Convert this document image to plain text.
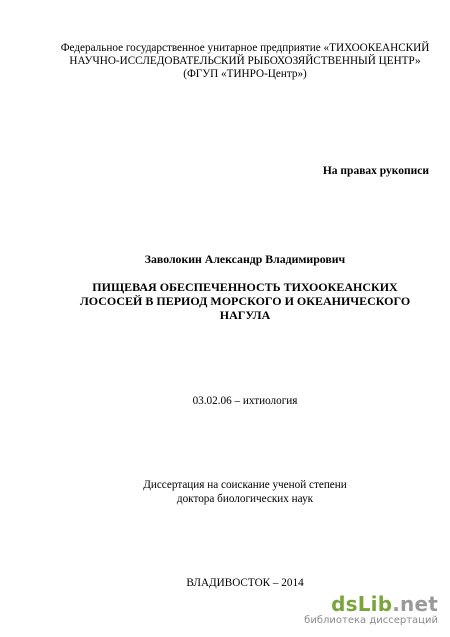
Федеральное государственное унитарное предприятие «ТИХООКЕАНСКИЙ
НАУЧНО-ИССЛЕДОВАТЕЛЬСКИЙ РЫБОХОЗЯЙСТВЕННЫЙ ЦЕНТР»
(ФГУП «ТИНРО-Центр»)
На правах рукописи
Заволокин Александр Владимирович
ПИЩЕВАЯ ОБЕСПЕЧЕННОСТЬ ТИХООКЕАНСКИХ
ЛОСОСЕЙ В ПЕРИОД МОРСКОГО И ОКЕАНИЧЕСКОГО
НАГУЛА
03.02.06 – ихтиология
Диссертация на соискание ученой степени
доктора биологических наук
ВЛАДИВОСТОК – 2014
dsLib.net
библиотека диссертаций
